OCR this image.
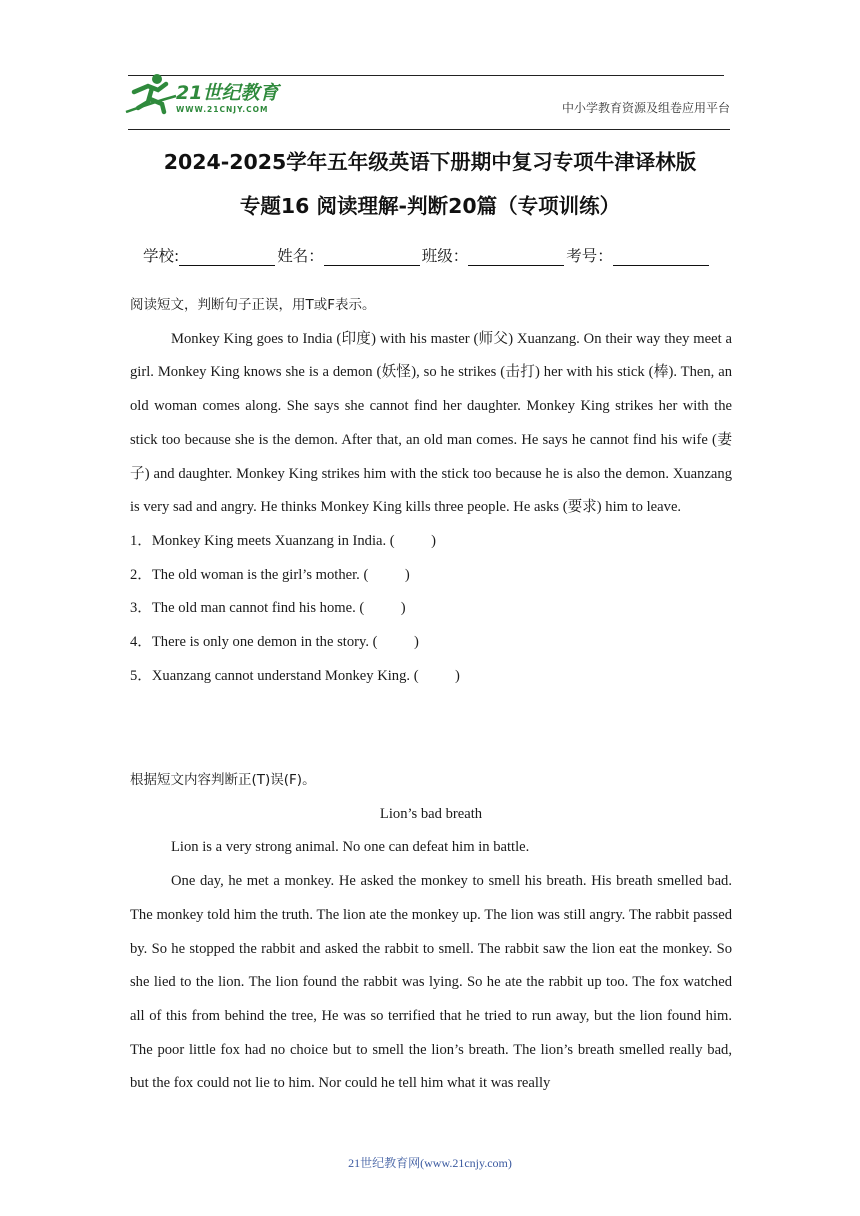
21世纪教育
WWW.21CNJY.COM	中小学教育资源及组卷应用平台
2024-2025学年五年级英语下册期中复习专项牛津译林版
专题16 阅读理解-判断20篇（专项训练）
学校:	姓名：	班级：	考号：
阅读短文，判断句子正误，用T或F表示。
Monkey King goes to India (印度) with his master (师父) Xuanzang. On their way they meet a girl. Monkey King knows she is a demon (妖怪), so he strikes (击打) her with his stick (棒). Then, an old woman comes along. She says she cannot find her daughter. Monkey King strikes her with the stick too because she is the demon. After that, an old man comes. He says he cannot find his wife (妻子) and daughter. Monkey King strikes him with the stick too because he is also the demon. Xuanzang is very sad and angry. He thinks Monkey King kills three people. He asks (要求) him to leave.
1．Monkey King meets Xuanzang in India. (          )
2．The old woman is the girl’s mother. (          )
3．The old man cannot find his home. (          )
4．There is only one demon in the story. (          )
5．Xuanzang cannot understand Monkey King. (          )
根据短文内容判断正(T)误(F)。
Lion’s bad breath
Lion is a very strong animal. No one can defeat him in battle.
One day, he met a monkey. He asked the monkey to smell his breath. His breath smelled bad. The monkey told him the truth. The lion ate the monkey up. The lion was still angry. The rabbit passed by. So he stopped the rabbit and asked the rabbit to smell. The rabbit saw the lion eat the monkey. So she lied to the lion. The lion found the rabbit was lying. So he ate the rabbit up too. The fox watched all of this from behind the tree, He was so terrified that he tried to run away, but the lion found him. The poor little fox had no choice but to smell the lion’s breath. The lion’s breath smelled really bad, but the fox could not lie to him. Nor could he tell him what it was really
21世纪教育网(www.21cnjy.com)
